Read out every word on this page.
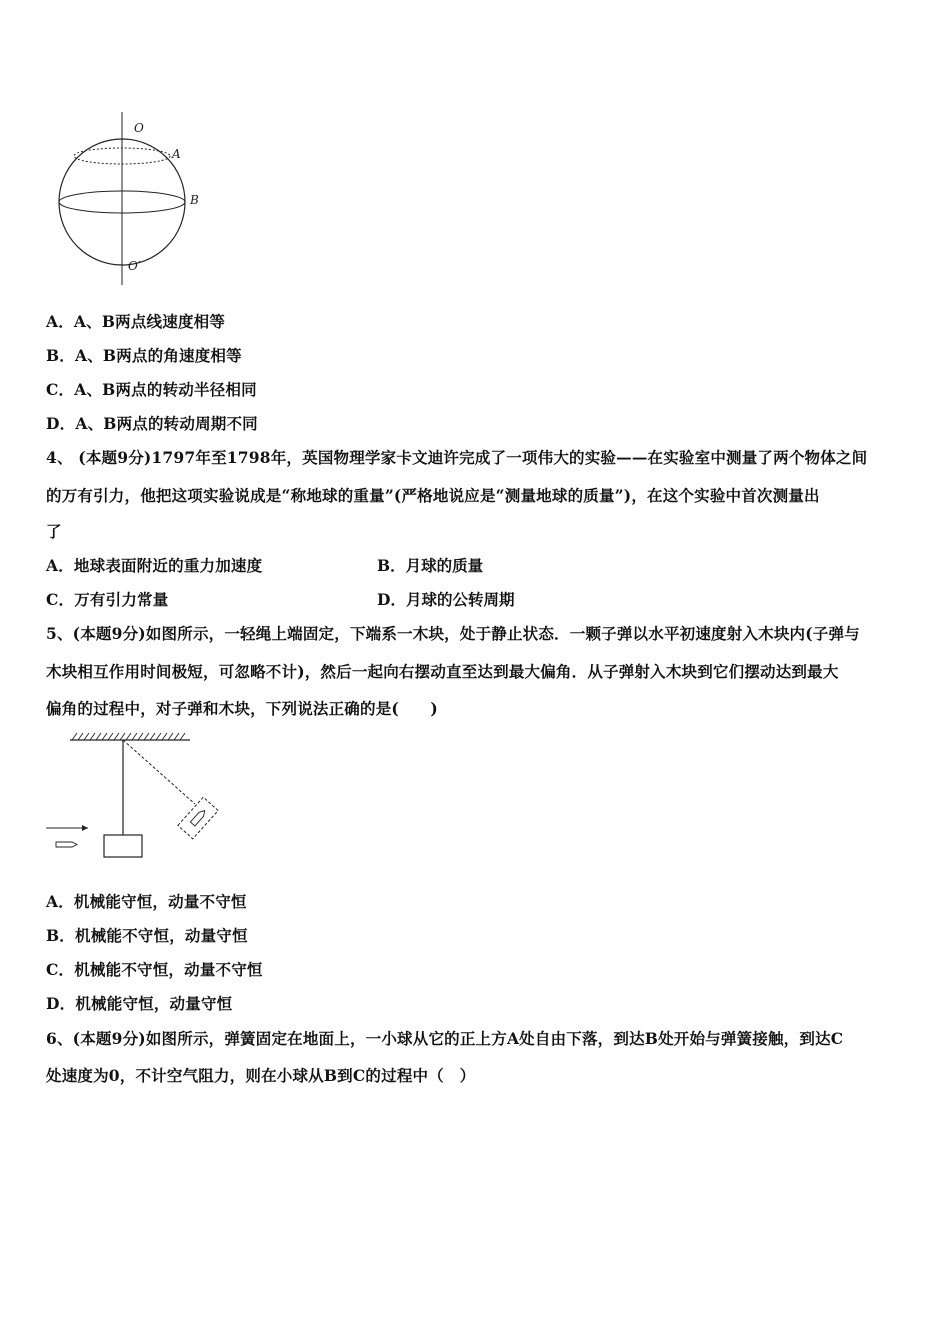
O
A
B
O′
A．A、B两点线速度相等
B．A、B两点的角速度相等
C．A、B两点的转动半径相同
D．A、B两点的转动周期不同
4、 (本题9分)1797年至1798年，英国物理学家卡文迪许完成了一项伟大的实验——在实验室中测量了两个物体之间
的万有引力，他把这项实验说成是“称地球的重量”(严格地说应是“测量地球的质量”)，在这个实验中首次测量出
了
A．地球表面附近的重力加速度	B．月球的质量
C．万有引力常量	D．月球的公转周期
5、(本题9分)如图所示，一轻绳上端固定，下端系一木块，处于静止状态．一颗子弹以水平初速度射入木块内(子弹与
木块相互作用时间极短，可忽略不计)，然后一起向右摆动直至达到最大偏角．从子弹射入木块到它们摆动达到最大
偏角的过程中，对子弹和木块，下列说法正确的是(　　)
A．机械能守恒，动量不守恒
B．机械能不守恒，动量守恒
C．机械能不守恒，动量不守恒
D．机械能守恒，动量守恒
6、(本题9分)如图所示，弹簧固定在地面上，一小球从它的正上方A处自由下落，到达B处开始与弹簧接触，到达C
处速度为0，不计空气阻力，则在小球从B到C的过程中（　）
